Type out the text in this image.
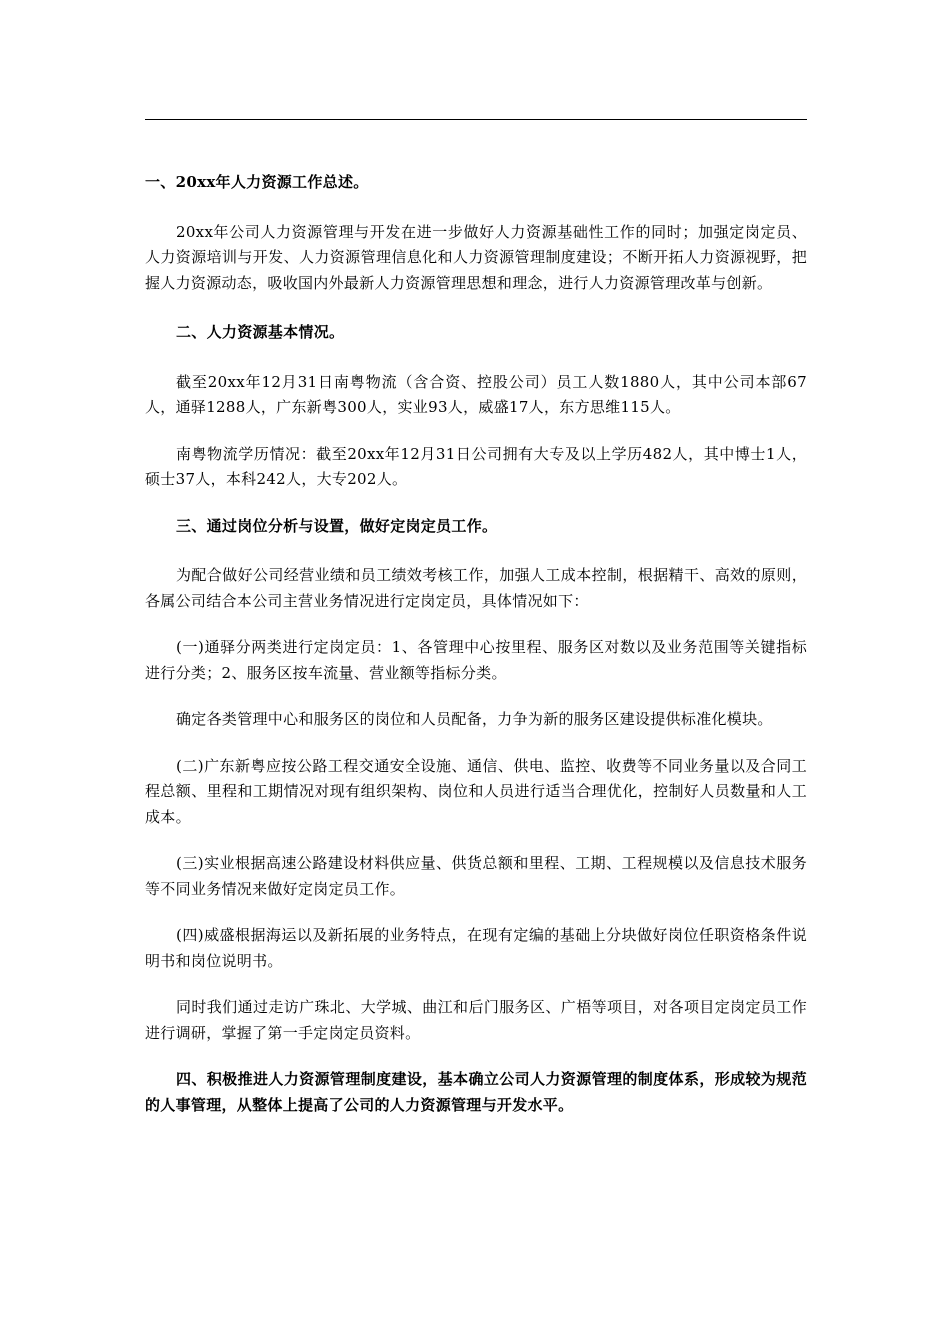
一、20xx年人力资源工作总述。

20xx年公司人力资源管理与开发在进一步做好人力资源基础性工作的同时；加强定岗定员、人力资源培训与开发、人力资源管理信息化和人力资源管理制度建设；不断开拓人力资源视野，把握人力资源动态，吸收国内外最新人力资源管理思想和理念，进行人力资源管理改革与创新。

二、人力资源基本情况。

截至20xx年12月31日南粤物流（含合资、控股公司）员工人数1880人，其中公司本部67人，通驿1288人，广东新粤300人，实业93人，威盛17人，东方思维115人。

南粤物流学历情况：截至20xx年12月31日公司拥有大专及以上学历482人，其中博士1人，硕士37人，本科242人，大专202人。

三、通过岗位分析与设置，做好定岗定员工作。

为配合做好公司经营业绩和员工绩效考核工作，加强人工成本控制，根据精干、高效的原则，各属公司结合本公司主营业务情况进行定岗定员，具体情况如下：

(一)通驿分两类进行定岗定员：1、各管理中心按里程、服务区对数以及业务范围等关键指标进行分类；2、服务区按车流量、营业额等指标分类。

确定各类管理中心和服务区的岗位和人员配备，力争为新的服务区建设提供标准化模块。

(二)广东新粤应按公路工程交通安全设施、通信、供电、监控、收费等不同业务量以及合同工程总额、里程和工期情况对现有组织架构、岗位和人员进行适当合理优化，控制好人员数量和人工成本。

(三)实业根据高速公路建设材料供应量、供货总额和里程、工期、工程规模以及信息技术服务等不同业务情况来做好定岗定员工作。

(四)威盛根据海运以及新拓展的业务特点，在现有定编的基础上分块做好岗位任职资格条件说明书和岗位说明书。

同时我们通过走访广珠北、大学城、曲江和后门服务区、广梧等项目，对各项目定岗定员工作进行调研，掌握了第一手定岗定员资料。

四、积极推进人力资源管理制度建设，基本确立公司人力资源管理的制度体系，形成较为规范的人事管理，从整体上提高了公司的人力资源管理与开发水平。
